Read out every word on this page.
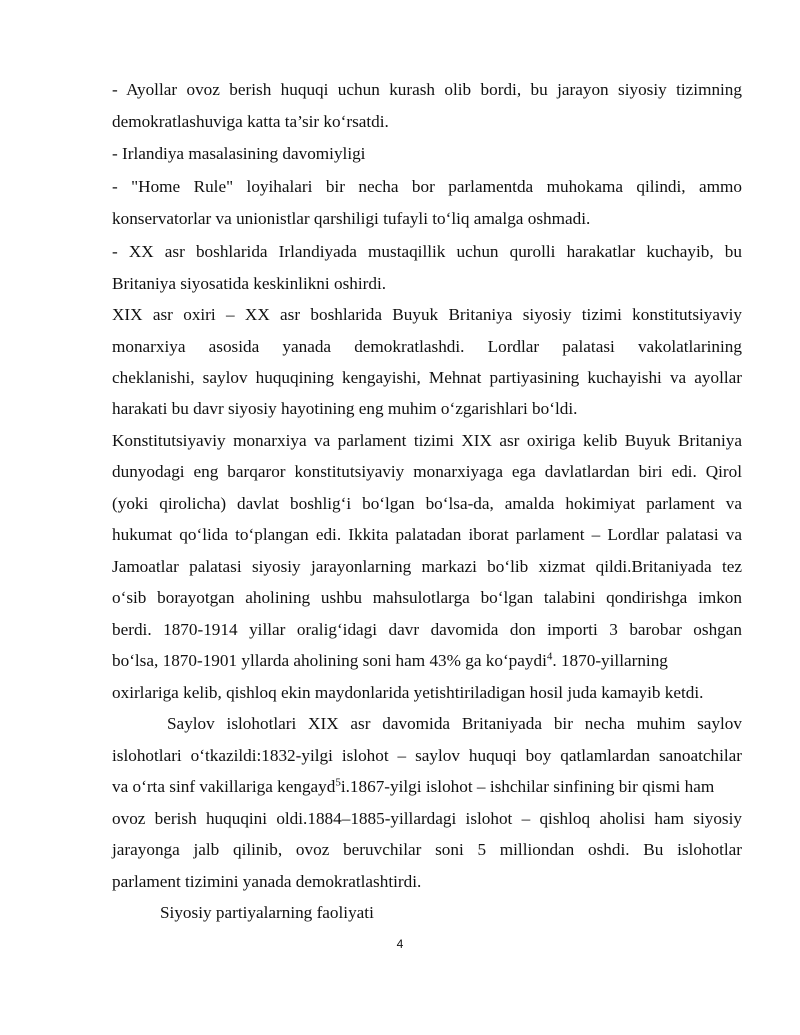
- Ayollar ovoz berish huquqi uchun kurash olib bordi, bu jarayon siyosiy tizimning
demokratlashuviga katta ta’sir koʻrsatdi.
- Irlandiya masalasining davomiyligi
- "Home Rule" loyihalari bir necha bor parlamentda muhokama qilindi, ammo
konservatorlar va unionistlar qarshiligi tufayli toʻliq amalga oshmadi.
- XX asr boshlarida Irlandiyada mustaqillik uchun qurolli harakatlar kuchayib, bu
Britaniya siyosatida keskinlikni oshirdi.
XIX asr oxiri – XX asr boshlarida Buyuk Britaniya siyosiy tizimi konstitutsiyaviy
monarxiya asosida yanada demokratlashdi. Lordlar palatasi vakolatlarining
cheklanishi, saylov huquqining kengayishi, Mehnat partiyasining kuchayishi va ayollar
harakati bu davr siyosiy hayotining eng muhim oʻzgarishlari boʻldi.
Konstitutsiyaviy monarxiya va parlament tizimi XIX asr oxiriga kelib Buyuk Britaniya
dunyodagi eng barqaror konstitutsiyaviy monarxiyaga ega davlatlardan biri edi. Qirol
(yoki qirolicha) davlat boshligʻi boʻlgan boʻlsa-da, amalda hokimiyat parlament va
hukumat qoʻlida toʻplangan edi. Ikkita palatadan iborat parlament – Lordlar palatasi va
Jamoatlar palatasi siyosiy jarayonlarning markazi boʻlib xizmat qildi.Britaniyada tez
oʻsib borayotgan aholining ushbu mahsulotlarga boʻlgan talabini qondirishga imkon
berdi. 1870-1914 yillar oraligʻidagi davr davomida don importi 3 barobar oshgan
boʻlsa, 1870-1901 yllarda aholining soni ham 43% ga koʻpaydi$^4$. 1870-yillarning
oxirlariga kelib, qishloq ekin maydonlarida yetishtiriladigan hosil juda kamayib ketdi.
Saylov islohotlari XIX asr davomida Britaniyada bir necha muhim saylov
islohotlari oʻtkazildi:1832-yilgi islohot – saylov huquqi boy qatlamlardan sanoatchilar
va oʻrta sinf vakillariga kengayd$^5$i.1867-yilgi islohot – ishchilar sinfining bir qismi ham
ovoz berish huquqini oldi.1884–1885-yillardagi islohot – qishloq aholisi ham siyosiy
jarayonga jalb qilinib, ovoz beruvchilar soni 5 milliondan oshdi. Bu islohotlar
parlament tizimini yanada demokratlashtirdi.
Siyosiy partiyalarning faoliyati
4
